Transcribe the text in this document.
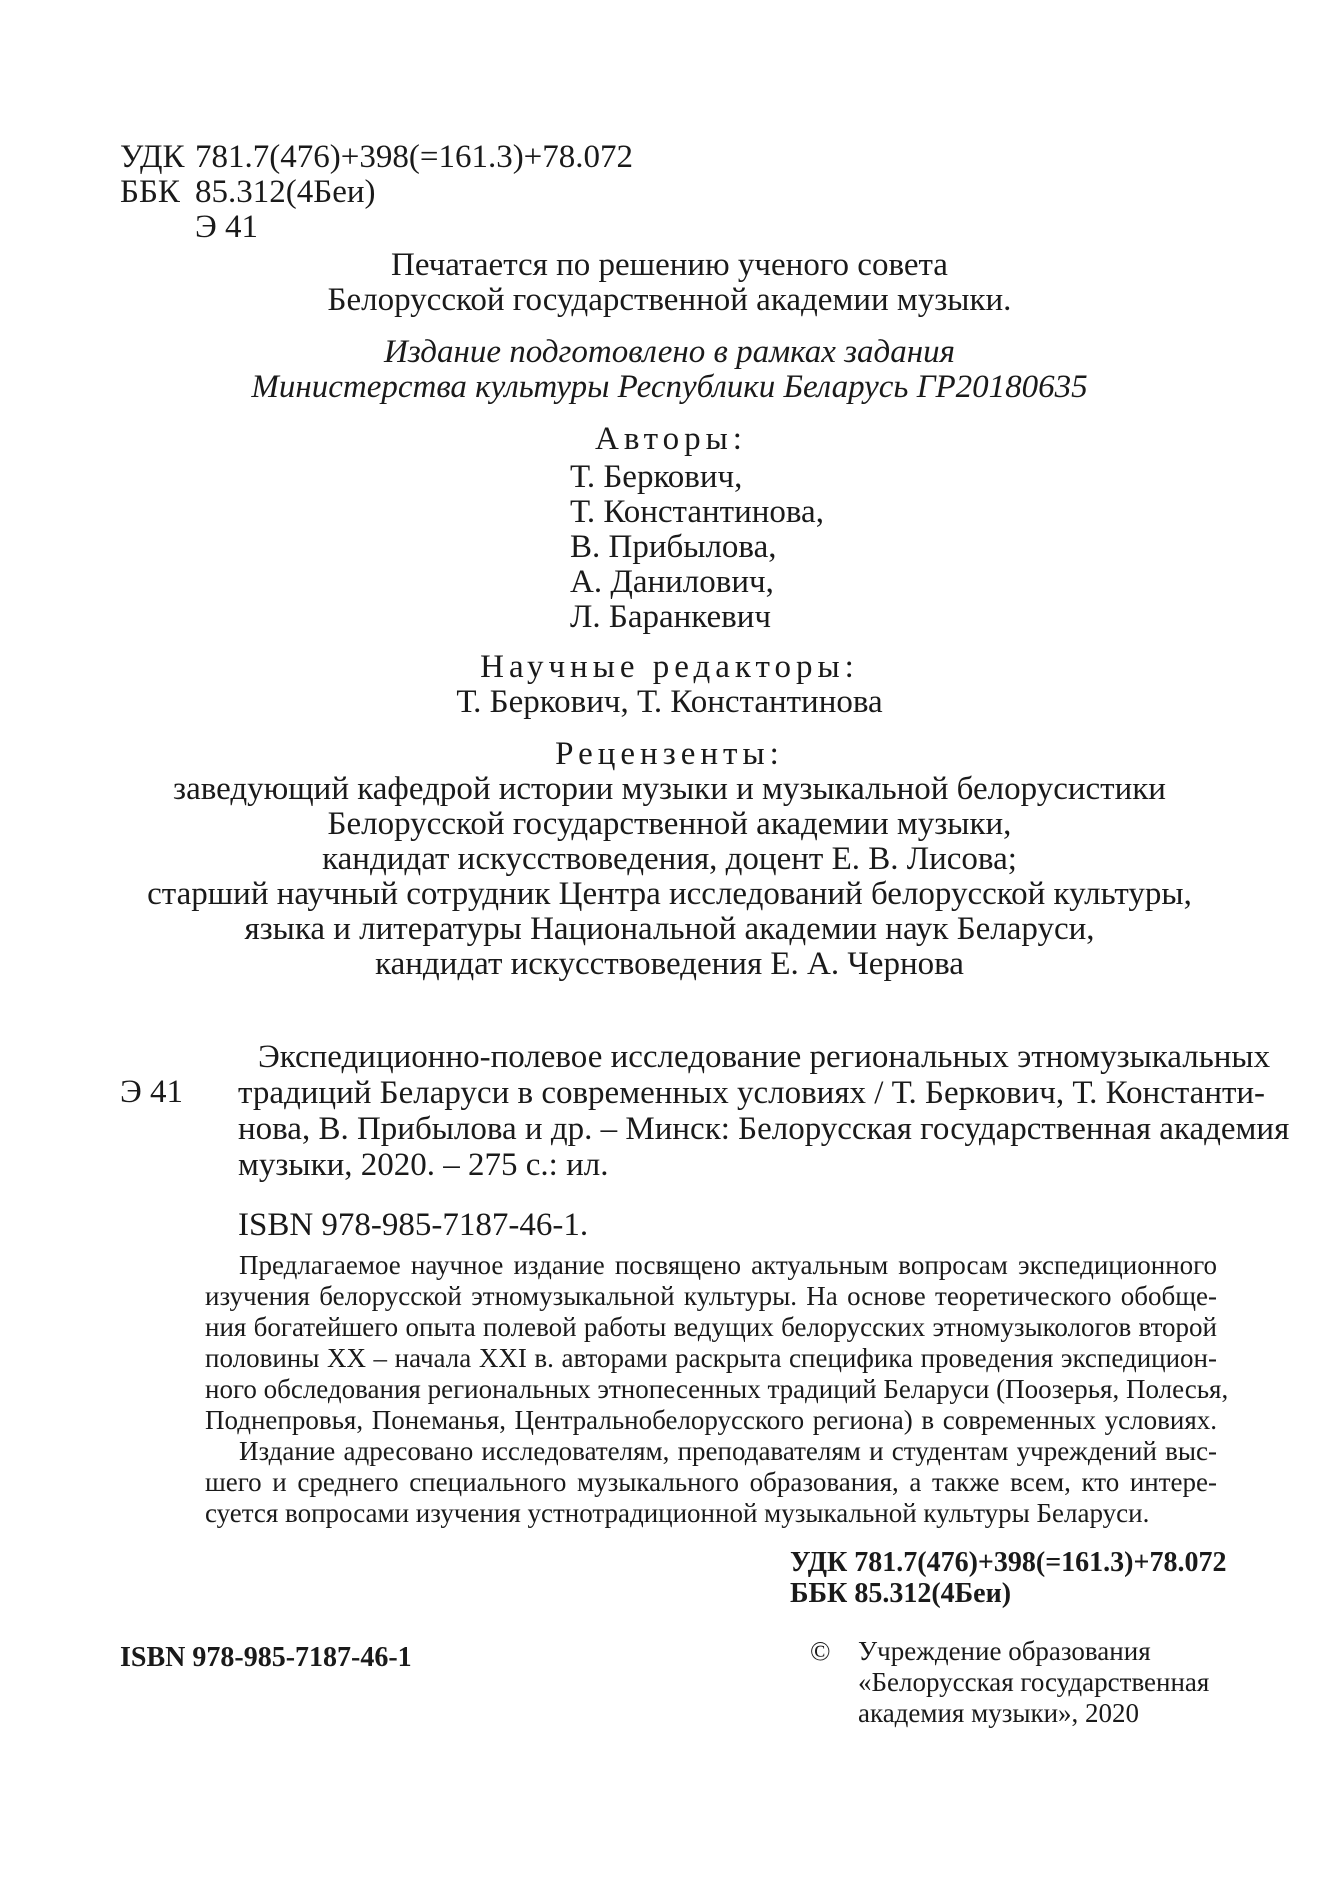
УДК 781.7(476)+398(=161.3)+78.072
ББК 85.312(4Беи)
Э 41

Печатается по решению ученого совета

Белорусской государственной академии музыки.

Издание подготовлено в рамках задания

Министерства культуры Республики Беларусь ГР20180635

Авторы:

Т. Беркович,

Т. Константинова,

В. Прибылова,

А. Данилович,

Л. Баранкевич

Научные редакторы:

Т. Беркович, Т. Константинова

Рецензенты:

заведующий кафедрой истории музыки и музыкальной белорусистики

Белорусской государственной академии музыки,

кандидат искусствоведения, доцент Е. В. Лисова;

старший научный сотрудник Центра исследований белорусской культуры,

языка и литературы Национальной академии наук Беларуси,

кандидат искусствоведения Е. А. Чернова

Э 41
Экспедиционно-полевое исследование региональных этномузыкальных
традиций Беларуси в современных условиях / Т. Беркович, Т. Константи-
нова, В. Прибылова и др. – Минск: Белорусская государственная академия
музыки, 2020. – 275 с.: ил.
ISBN 978-985-7187-46-1.
Предлагаемое научное издание посвящено актуальным вопросам экспедиционного
изучения белорусской этномузыкальной культуры. На основе теоретического обобще-
ния богатейшего опыта полевой работы ведущих белорусских этномузыкологов второй
половины XX – начала XXI в. авторами раскрыта специфика проведения экспедицион-
ного обследования региональных этнопесенных традиций Беларуси (Поозерья, Полесья,
Поднепровья, Понеманья, Центральнобелорусского региона) в современных условиях.
Издание адресовано исследователям, преподавателям и студентам учреждений выс-
шего и среднего специального музыкального образования, а также всем, кто интере-
суется вопросами изучения устнотрадиционной музыкальной культуры Беларуси.
УДК 781.7(476)+398(=161.3)+78.072
ББК 85.312(4Беи)
ISBN 978-985-7187-46-1	© Учреждение образования

«Белорусская государственная

академия музыки», 2020
